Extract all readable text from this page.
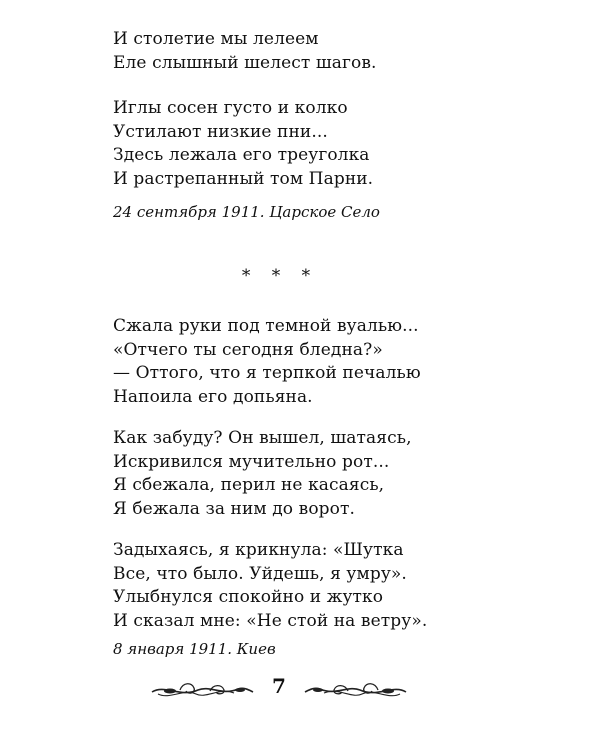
И столетие мы лелеем
Еле слышный шелест шагов.
Иглы сосен густо и колко
Устилают низкие пни...
Здесь лежала его треуголка
И растрепанный том Парни.
24 сентября 1911. Царское Село
* * *
Сжала руки под темной вуалью...
«Отчего ты сегодня бледна?»
— Оттого, что я терпкой печалью
Напоила его допьяна.
Как забуду? Он вышел, шатаясь,
Искривился мучительно рот...
Я сбежала, перил не касаясь,
Я бежала за ним до ворот.
Задыхаясь, я крикнула: «Шутка
Все, что было. Уйдешь, я умру».
Улыбнулся спокойно и жутко
И сказал мне: «Не стой на ветру».
8 января 1911. Киев
7
